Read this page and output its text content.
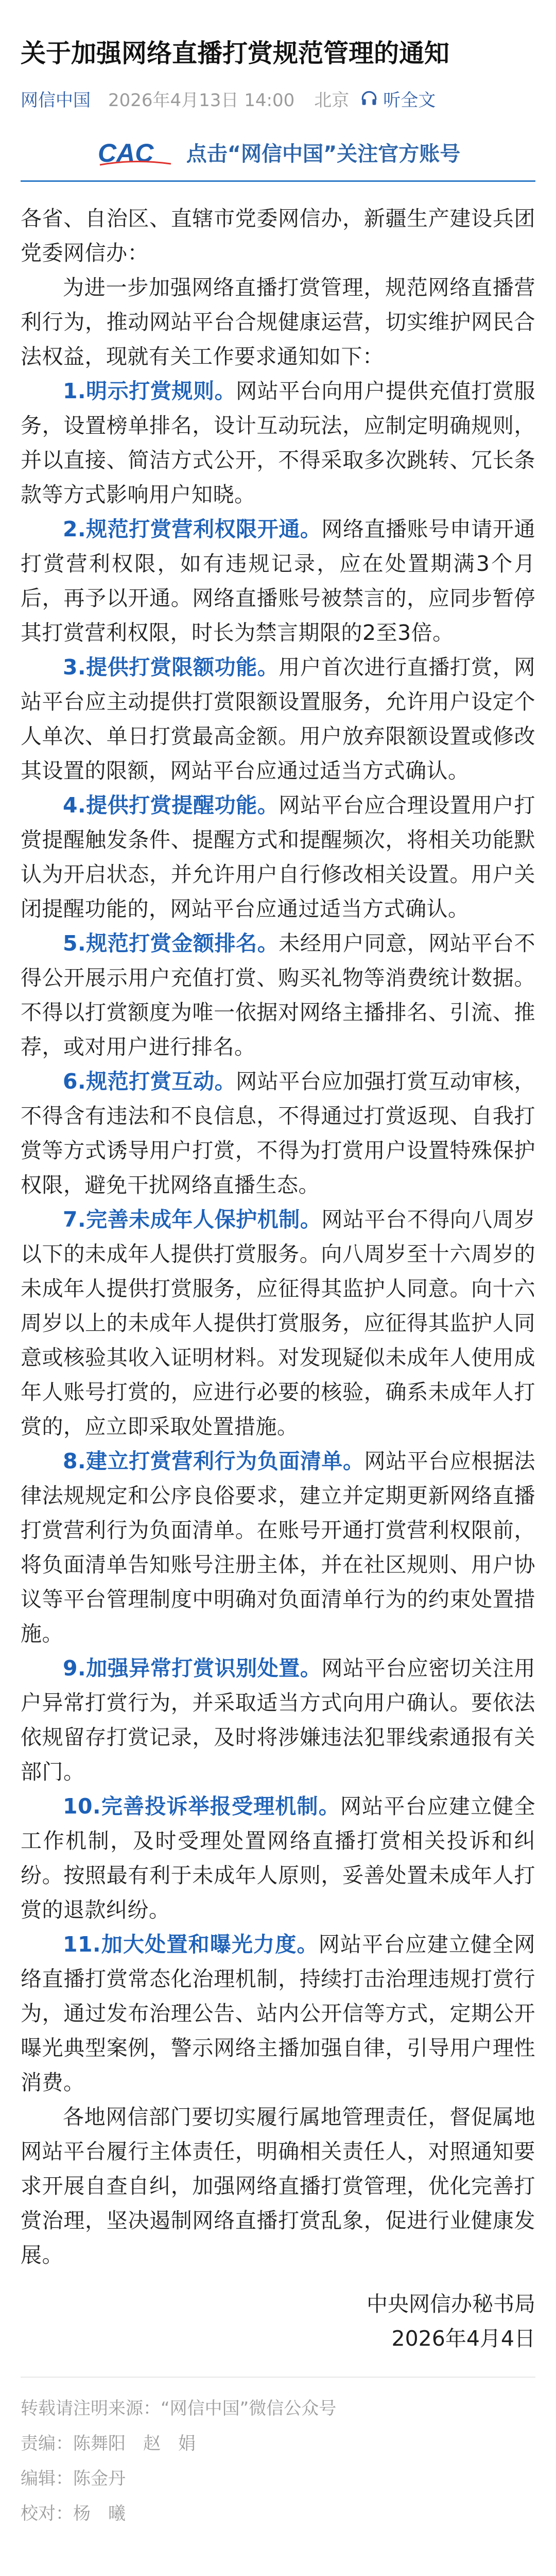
关于加强网络直播打赏规范管理的通知
网信中国 2026年4月13日 14:00 北京 听全文
CAC 点击“网信中国”关注官方账号

各省、自治区、直辖市党委网信办，新疆生产建设兵团党委网信办：

为进一步加强网络直播打赏管理，规范网络直播营利行为，推动网站平台合规健康运营，切实维护网民合法权益，现就有关工作要求通知如下：

1.明示打赏规则。网站平台向用户提供充值打赏服务，设置榜单排名，设计互动玩法，应制定明确规则，并以直接、简洁方式公开，不得采取多次跳转、冗长条款等方式影响用户知晓。

2.规范打赏营利权限开通。网络直播账号申请开通打赏营利权限，如有违规记录，应在处置期满3个月后，再予以开通。网络直播账号被禁言的，应同步暂停其打赏营利权限，时长为禁言期限的2至3倍。

3.提供打赏限额功能。用户首次进行直播打赏，网站平台应主动提供打赏限额设置服务，允许用户设定个人单次、单日打赏最高金额。用户放弃限额设置或修改其设置的限额，网站平台应通过适当方式确认。

4.提供打赏提醒功能。网站平台应合理设置用户打赏提醒触发条件、提醒方式和提醒频次，将相关功能默认为开启状态，并允许用户自行修改相关设置。用户关闭提醒功能的，网站平台应通过适当方式确认。

5.规范打赏金额排名。未经用户同意，网站平台不得公开展示用户充值打赏、购买礼物等消费统计数据。不得以打赏额度为唯一依据对网络主播排名、引流、推荐，或对用户进行排名。

6.规范打赏互动。网站平台应加强打赏互动审核，不得含有违法和不良信息，不得通过打赏返现、自我打赏等方式诱导用户打赏，不得为打赏用户设置特殊保护权限，避免干扰网络直播生态。

7.完善未成年人保护机制。网站平台不得向八周岁以下的未成年人提供打赏服务。向八周岁至十六周岁的未成年人提供打赏服务，应征得其监护人同意。向十六周岁以上的未成年人提供打赏服务，应征得其监护人同意或核验其收入证明材料。对发现疑似未成年人使用成年人账号打赏的，应进行必要的核验，确系未成年人打赏的，应立即采取处置措施。

8.建立打赏营利行为负面清单。网站平台应根据法律法规规定和公序良俗要求，建立并定期更新网络直播打赏营利行为负面清单。在账号开通打赏营利权限前，将负面清单告知账号注册主体，并在社区规则、用户协议等平台管理制度中明确对负面清单行为的约束处置措施。

9.加强异常打赏识别处置。网站平台应密切关注用户异常打赏行为，并采取适当方式向用户确认。要依法依规留存打赏记录，及时将涉嫌违法犯罪线索通报有关部门。

10.完善投诉举报受理机制。网站平台应建立健全工作机制，及时受理处置网络直播打赏相关投诉和纠纷。按照最有利于未成年人原则，妥善处置未成年人打赏的退款纠纷。

11.加大处置和曝光力度。网站平台应建立健全网络直播打赏常态化治理机制，持续打击治理违规打赏行为，通过发布治理公告、站内公开信等方式，定期公开曝光典型案例，警示网络主播加强自律，引导用户理性消费。

各地网信部门要切实履行属地管理责任，督促属地网站平台履行主体责任，明确相关责任人，对照通知要求开展自查自纠，加强网络直播打赏管理，优化完善打赏治理，坚决遏制网络直播打赏乱象，促进行业健康发展。

中央网信办秘书局

2026年4月4日

转载请注明来源：“网信中国”微信公众号

责编：陈舞阳　赵　娟

编辑：陈金丹

校对：杨　曦
